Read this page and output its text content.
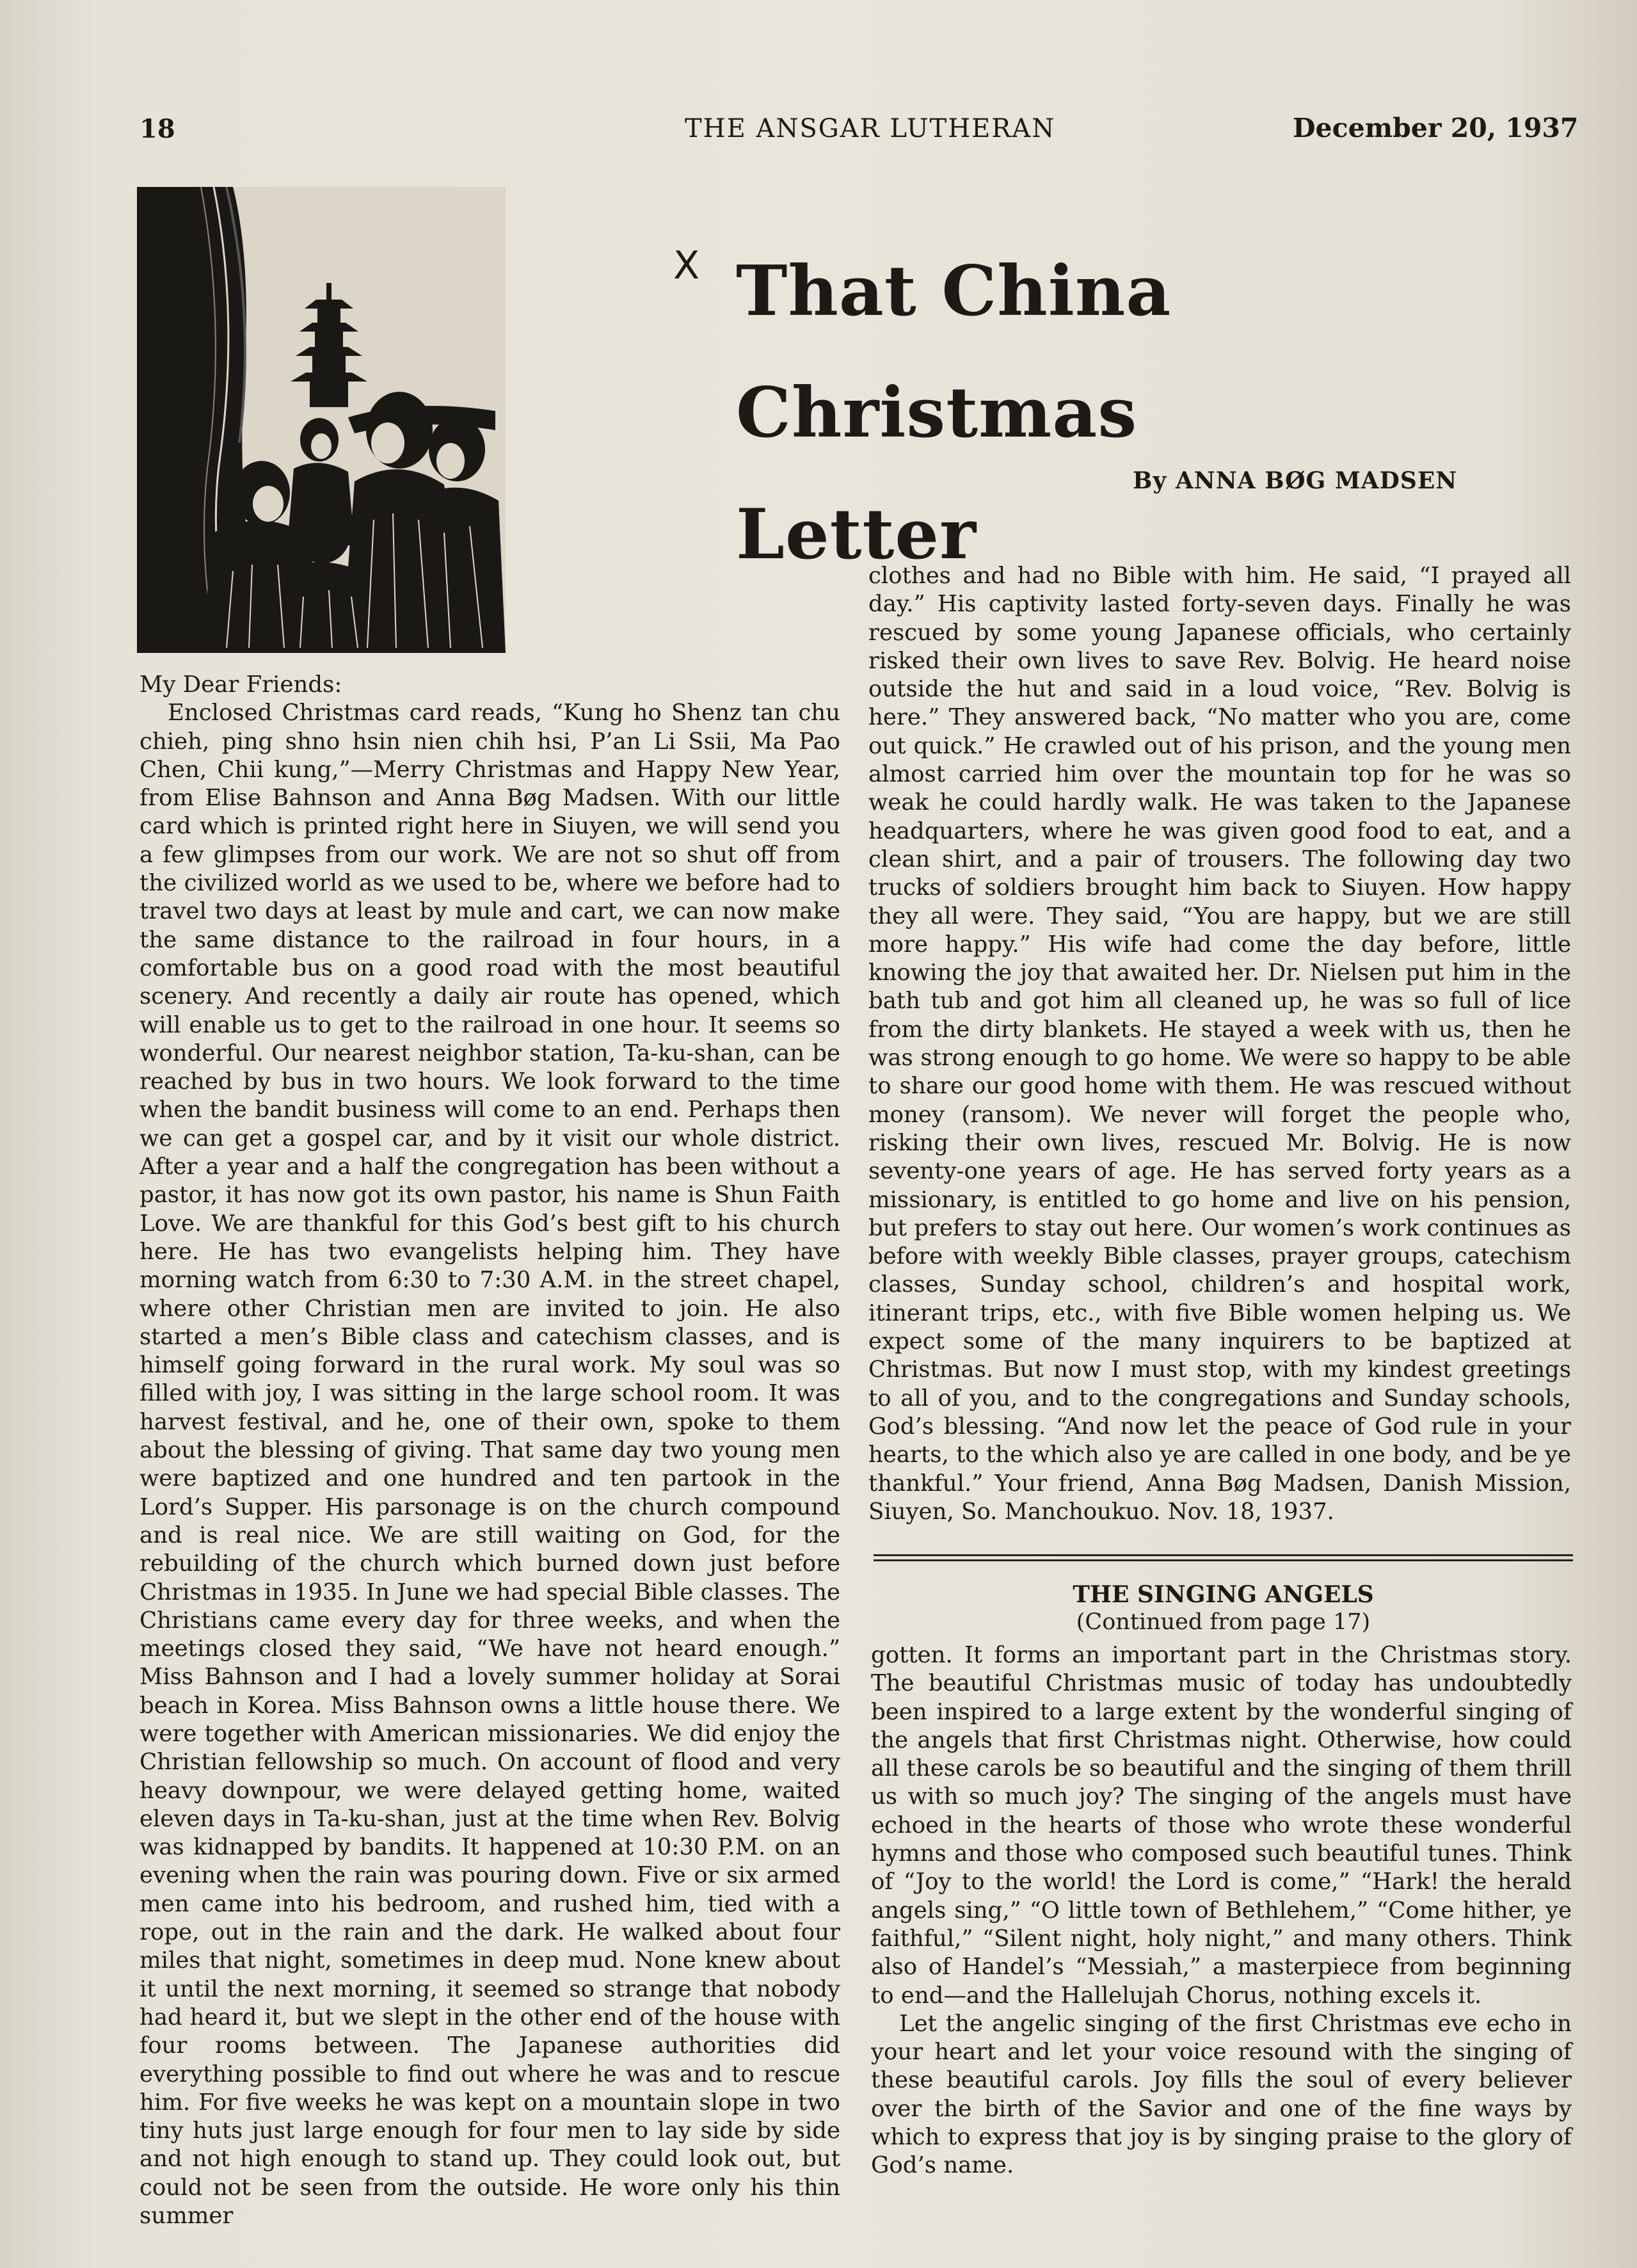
18	THE ANSGAR LUTHERAN	December 20, 1937
X That China
Christmas Letter
By ANNA BØG MADSEN

My Dear Friends:

Enclosed Christmas card reads, “Kung ho Shenz tan chu chieh, ping shno hsin nien chih hsi, P’an Li Ssii, Ma Pao Chen, Chii kung,”—Merry Christmas and Happy New Year, from Elise Bahnson and Anna Bøg Madsen. With our little card which is printed right here in Siuyen, we will send you a few glimpses from our work. We are not so shut off from the civilized world as we used to be, where we before had to travel two days at least by mule and cart, we can now make the same distance to the railroad in four hours, in a comfortable bus on a good road with the most beautiful scenery. And recently a daily air route has opened, which will enable us to get to the railroad in one hour. It seems so wonderful. Our nearest neighbor station, Ta-ku-shan, can be reached by bus in two hours. We look forward to the time when the bandit business will come to an end. Perhaps then we can get a gospel car, and by it visit our whole district. After a year and a half the congregation has been without a pastor, it has now got its own pastor, his name is Shun Faith Love. We are thankful for this God’s best gift to his church here. He has two evangelists helping him. They have morning watch from 6:30 to 7:30 A.M. in the street chapel, where other Christian men are invited to join. He also started a men’s Bible class and catechism classes, and is himself going forward in the rural work. My soul was so filled with joy, I was sitting in the large school room. It was harvest festival, and he, one of their own, spoke to them about the blessing of giving. That same day two young men were baptized and one hundred and ten partook in the Lord’s Supper. His parsonage is on the church compound and is real nice. We are still waiting on God, for the rebuilding of the church which burned down just before Christmas in 1935. In June we had special Bible classes. The Christians came every day for three weeks, and when the meetings closed they said, “We have not heard enough.” Miss Bahnson and I had a lovely summer holiday at Sorai beach in Korea. Miss Bahnson owns a little house there. We were together with American missionaries. We did enjoy the Christian fellowship so much. On account of flood and very heavy downpour, we were delayed getting home, waited eleven days in Ta-ku-shan, just at the time when Rev. Bolvig was kidnapped by bandits. It happened at 10:30 P.M. on an evening when the rain was pouring down. Five or six armed men came into his bedroom, and rushed him, tied with a rope, out in the rain and the dark. He walked about four miles that night, sometimes in deep mud. None knew about it until the next morning, it seemed so strange that nobody had heard it, but we slept in the other end of the house with four rooms between. The Japanese authorities did everything possible to find out where he was and to rescue him. For five weeks he was kept on a mountain slope in two tiny huts just large enough for four men to lay side by side and not high enough to stand up. They could look out, but could not be seen from the outside. He wore only his thin summer

clothes and had no Bible with him. He said, “I prayed all day.” His captivity lasted forty-seven days. Finally he was rescued by some young Japanese officials, who certainly risked their own lives to save Rev. Bolvig. He heard noise outside the hut and said in a loud voice, “Rev. Bolvig is here.” They answered back, “No matter who you are, come out quick.” He crawled out of his prison, and the young men almost carried him over the mountain top for he was so weak he could hardly walk. He was taken to the Japanese headquarters, where he was given good food to eat, and a clean shirt, and a pair of trousers. The following day two trucks of soldiers brought him back to Siuyen. How happy they all were. They said, “You are happy, but we are still more happy.” His wife had come the day before, little knowing the joy that awaited her. Dr. Nielsen put him in the bath tub and got him all cleaned up, he was so full of lice from the dirty blankets. He stayed a week with us, then he was strong enough to go home. We were so happy to be able to share our good home with them. He was rescued without money (ransom). We never will forget the people who, risking their own lives, rescued Mr. Bolvig. He is now seventy-one years of age. He has served forty years as a missionary, is entitled to go home and live on his pension, but prefers to stay out here. Our women’s work continues as before with weekly Bible classes, prayer groups, catechism classes, Sunday school, children’s and hospital work, itinerant trips, etc., with five Bible women helping us. We expect some of the many inquirers to be baptized at Christmas. But now I must stop, with my kindest greetings to all of you, and to the congregations and Sunday schools, God’s blessing. “And now let the peace of God rule in your hearts, to the which also ye are called in one body, and be ye thankful.” Your friend, Anna Bøg Madsen, Danish Mission, Siuyen, So. Manchoukuo. Nov. 18, 1937.

THE SINGING ANGELS
(Continued from page 17)

gotten. It forms an important part in the Christmas story. The beautiful Christmas music of today has undoubtedly been inspired to a large extent by the wonderful singing of the angels that first Christmas night. Otherwise, how could all these carols be so beautiful and the singing of them thrill us with so much joy? The singing of the angels must have echoed in the hearts of those who wrote these wonderful hymns and those who composed such beautiful tunes. Think of “Joy to the world! the Lord is come,” “Hark! the herald angels sing,” “O little town of Bethlehem,” “Come hither, ye faithful,” “Silent night, holy night,” and many others. Think also of Handel’s “Messiah,” a masterpiece from beginning to end—and the Hallelujah Chorus, nothing excels it.

Let the angelic singing of the first Christmas eve echo in your heart and let your voice resound with the singing of these beautiful carols. Joy fills the soul of every believer over the birth of the Savior and one of the fine ways by which to express that joy is by singing praise to the glory of God’s name.
